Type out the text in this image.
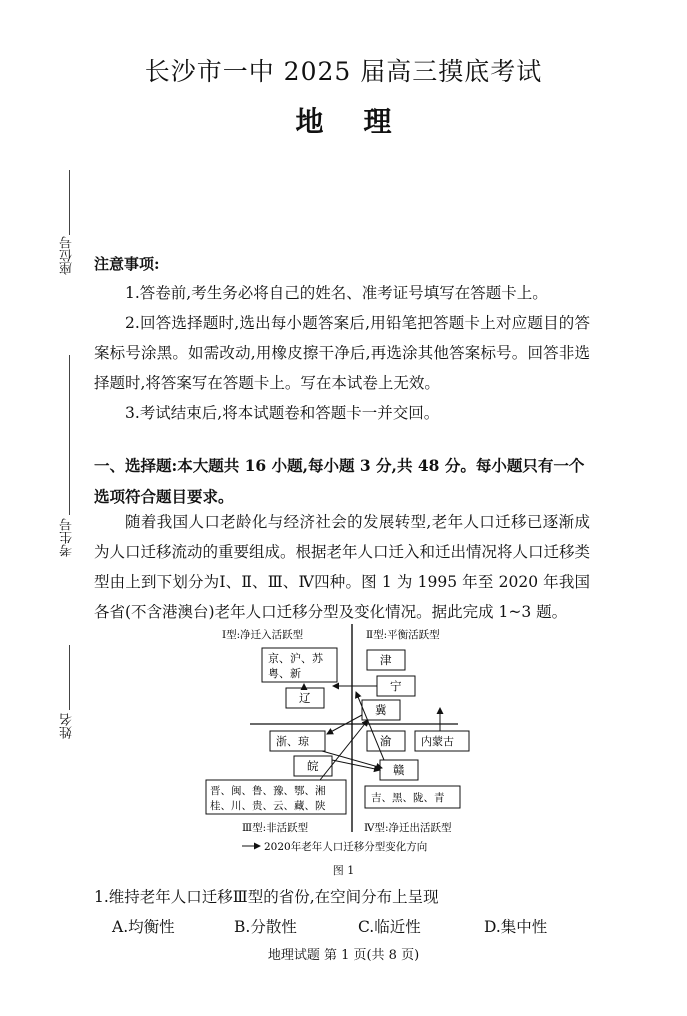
长沙市一中 2025 届高三摸底考试
地理
座位号
考生号
姓名
注意事项:
1.答卷前,考生务必将自己的姓名、准考证号填写在答题卡上。
2.回答选择题时,选出每小题答案后,用铅笔把答题卡上对应题目的答案标号涂黑。如需改动,用橡皮擦干净后,再选涂其他答案标号。回答非选择题时,将答案写在答题卡上。写在本试卷上无效。
3.考试结束后,将本试题卷和答题卡一并交回。
一、选择题:本大题共 16 小题,每小题 3 分,共 48 分。每小题只有一个选项符合题目要求。
随着我国人口老龄化与经济社会的发展转型,老年人口迁移已逐渐成为人口迁移流动的重要组成。根据老年人口迁入和迁出情况将人口迁移类型由上到下划分为Ⅰ、Ⅱ、Ⅲ、Ⅳ四种。图 1 为 1995 年至 2020 年我国各省(不含港澳台)老年人口迁移分型及变化情况。据此完成 1~3 题。
Ⅰ型:净迁入活跃型	Ⅱ型:平衡活跃型
Ⅲ型:非活跃型	Ⅳ型:净迁出活跃型
京、沪、苏
粤、新
津
宁
辽
冀
浙、琼	渝	内蒙古
皖	赣
晋、闽、鲁、豫、鄂、湘
桂、川、贵、云、藏、陕
吉、黑、陇、青
2020年老年人口迁移分型变化方向
图 1
1.维持老年人口迁移Ⅲ型的省份,在空间分布上呈现
A.均衡性	B.分散性	C.临近性	D.集中性
地理试题 第 1 页(共 8 页)
